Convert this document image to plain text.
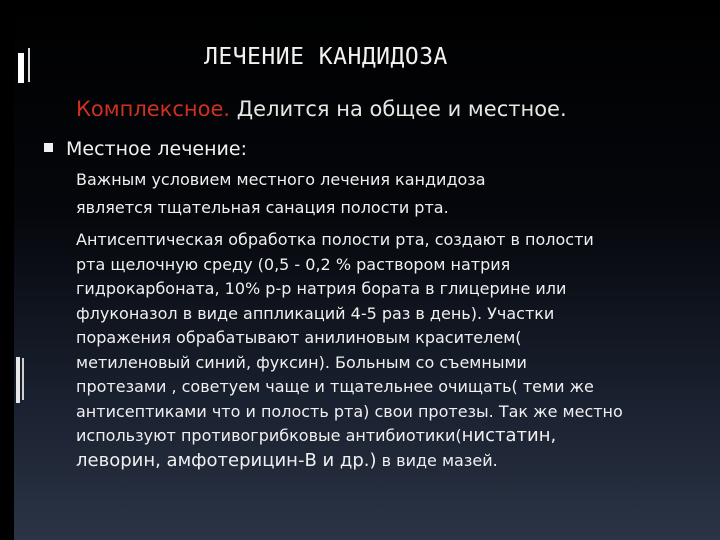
ЛЕЧЕНИЕ КАНДИДОЗА
Комплексное. Делится на общее и местное.
Местное лечение:
Важным условием местного лечения кандидоза
является тщательная санация полости рта.
Антисептическая обработка полости рта, создают в полости
рта щелочную среду (0,5 - 0,2 % раствором натрия
гидрокарбоната, 10% р-р натрия бората в глицерине или
флуконазол в виде аппликаций 4-5 раз в день). Участки
поражения обрабатывают анилиновым красителем(
метиленовый синий, фуксин). Больным со съемными
протезами , советуем чаще и тщательнее очищать( теми же
антисептиками что и полость рта) свои протезы. Так же местно
используют противогрибковые антибиотики(нистатин,
леворин, амфотерицин-В и др.) в виде мазей.
